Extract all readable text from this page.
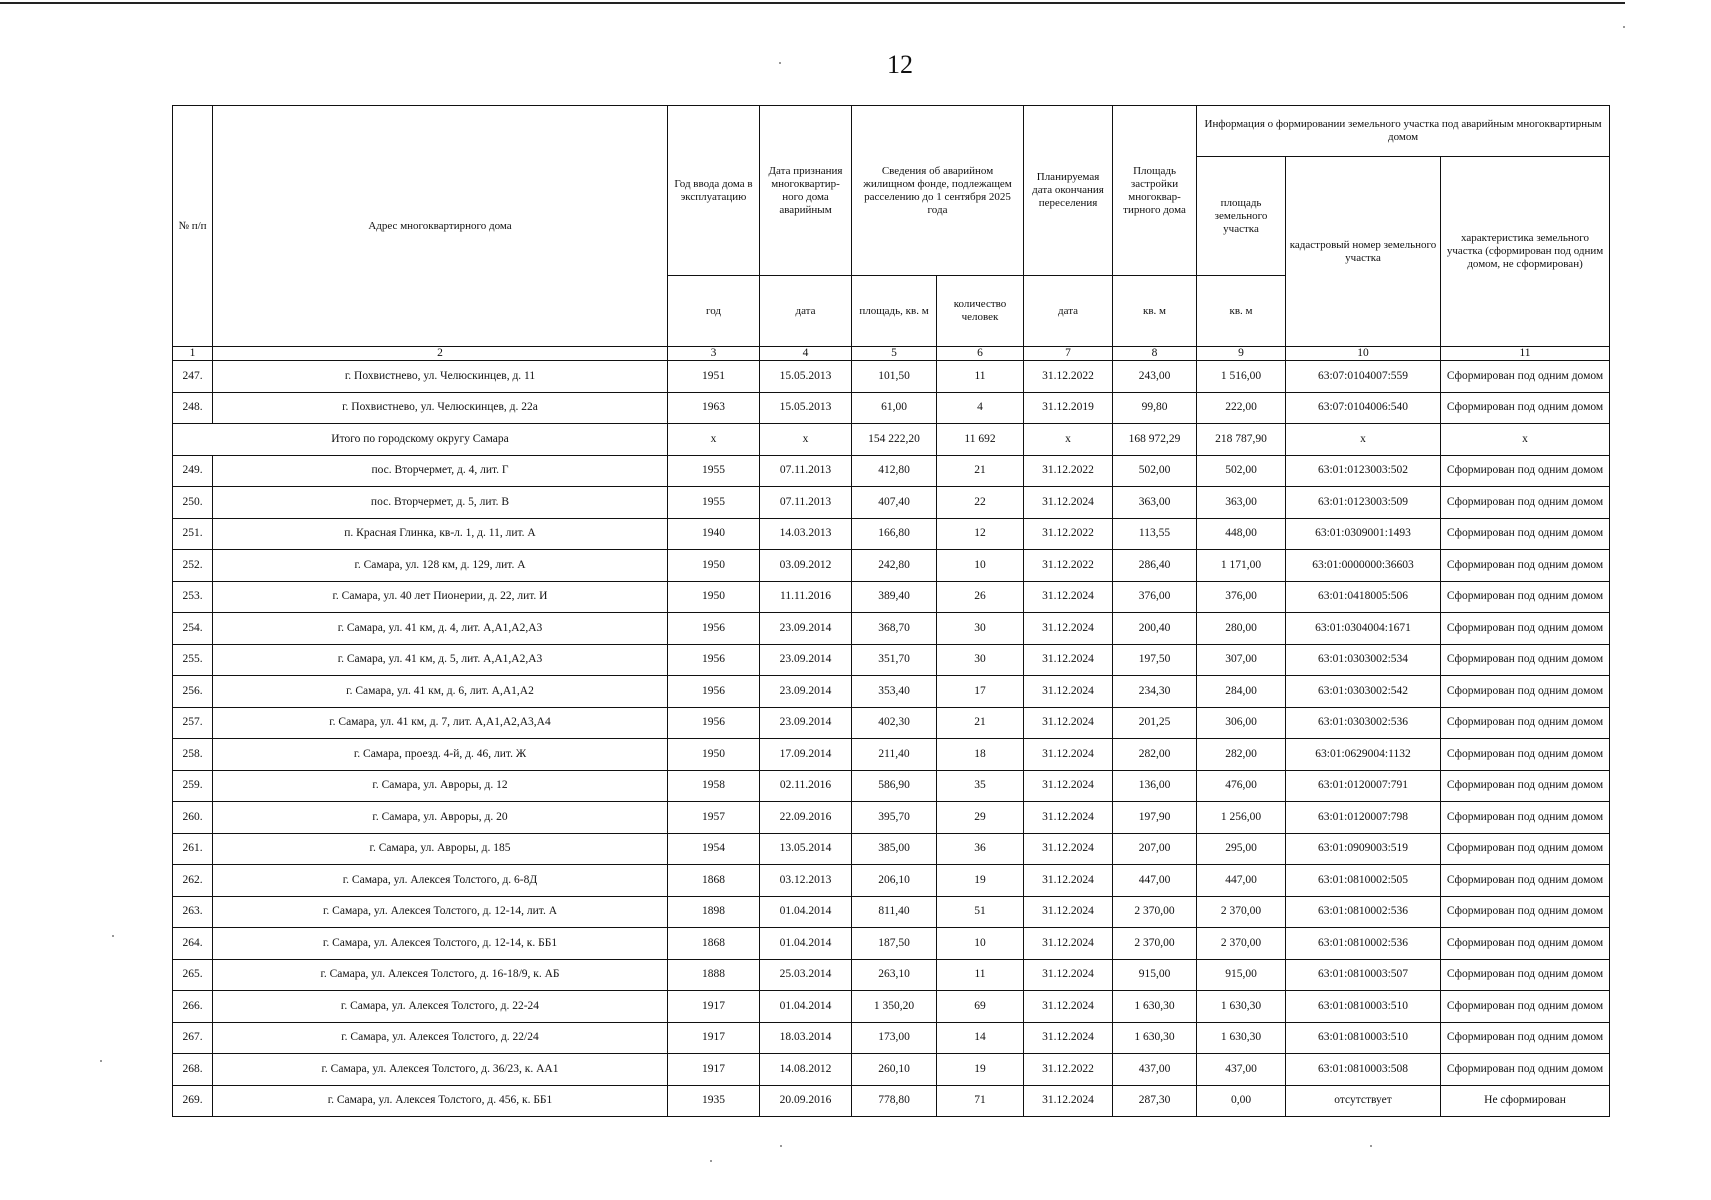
12
№ п/п	Адрес многоквартирного дома	Год ввода дома в эксплуатацию	Дата признания многоквартир-ного дома аварийным	Сведения об аварийном жилищном фонде, подлежащем расселению до 1 сентября 2025 года		Планируемая дата окончания переселения	Площадь застройки многоквар-тирного дома	Информация о формировании земельного участка под аварийным многоквартирным домом		
								площадь земельного участка	кадастровый номер земельного участка	характеристика земельного участка (сформирован под одним домом, не сформирован)
		год	дата	площадь, кв. м	количество человек	дата	кв. м	кв. м		
1	2	3	4	5	6	7	8	9	10	11
247.	г. Похвистнево, ул. Челюскинцев, д. 11	1951	15.05.2013	101,50	11	31.12.2022	243,00	1 516,00	63:07:0104007:559	Сформирован под одним домом
248.	г. Похвистнево, ул. Челюскинцев, д. 22а	1963	15.05.2013	61,00	4	31.12.2019	99,80	222,00	63:07:0104006:540	Сформирован под одним домом
Итого по городскому округу Самара		х	х	154 222,20	11 692	х	168 972,29	218 787,90	х	х
249.	пос. Вторчермет, д. 4, лит. Г	1955	07.11.2013	412,80	21	31.12.2022	502,00	502,00	63:01:0123003:502	Сформирован под одним домом
250.	пос. Вторчермет, д. 5, лит. В	1955	07.11.2013	407,40	22	31.12.2024	363,00	363,00	63:01:0123003:509	Сформирован под одним домом
251.	п. Красная Глинка, кв-л. 1, д. 11, лит. А	1940	14.03.2013	166,80	12	31.12.2022	113,55	448,00	63:01:0309001:1493	Сформирован под одним домом
252.	г. Самара, ул. 128 км, д. 129, лит. А	1950	03.09.2012	242,80	10	31.12.2022	286,40	1 171,00	63:01:0000000:36603	Сформирован под одним домом
253.	г. Самара, ул. 40 лет Пионерии, д. 22, лит. И	1950	11.11.2016	389,40	26	31.12.2024	376,00	376,00	63:01:0418005:506	Сформирован под одним домом
254.	г. Самара, ул. 41 км, д. 4, лит. А,А1,А2,А3	1956	23.09.2014	368,70	30	31.12.2024	200,40	280,00	63:01:0304004:1671	Сформирован под одним домом
255.	г. Самара, ул. 41 км, д. 5, лит. А,А1,А2,А3	1956	23.09.2014	351,70	30	31.12.2024	197,50	307,00	63:01:0303002:534	Сформирован под одним домом
256.	г. Самара, ул. 41 км, д. 6, лит. А,А1,А2	1956	23.09.2014	353,40	17	31.12.2024	234,30	284,00	63:01:0303002:542	Сформирован под одним домом
257.	г. Самара, ул. 41 км, д. 7, лит. А,А1,А2,А3,А4	1956	23.09.2014	402,30	21	31.12.2024	201,25	306,00	63:01:0303002:536	Сформирован под одним домом
258.	г. Самара, проезд. 4-й, д. 46, лит. Ж	1950	17.09.2014	211,40	18	31.12.2024	282,00	282,00	63:01:0629004:1132	Сформирован под одним домом
259.	г. Самара, ул. Авроры, д. 12	1958	02.11.2016	586,90	35	31.12.2024	136,00	476,00	63:01:0120007:791	Сформирован под одним домом
260.	г. Самара, ул. Авроры, д. 20	1957	22.09.2016	395,70	29	31.12.2024	197,90	1 256,00	63:01:0120007:798	Сформирован под одним домом
261.	г. Самара, ул. Авроры, д. 185	1954	13.05.2014	385,00	36	31.12.2024	207,00	295,00	63:01:0909003:519	Сформирован под одним домом
262.	г. Самара, ул. Алексея Толстого, д. 6-8Д	1868	03.12.2013	206,10	19	31.12.2024	447,00	447,00	63:01:0810002:505	Сформирован под одним домом
263.	г. Самара, ул. Алексея Толстого, д. 12-14, лит. А	1898	01.04.2014	811,40	51	31.12.2024	2 370,00	2 370,00	63:01:0810002:536	Сформирован под одним домом
264.	г. Самара, ул. Алексея Толстого, д. 12-14, к. ББ1	1868	01.04.2014	187,50	10	31.12.2024	2 370,00	2 370,00	63:01:0810002:536	Сформирован под одним домом
265.	г. Самара, ул. Алексея Толстого, д. 16-18/9, к. АБ	1888	25.03.2014	263,10	11	31.12.2024	915,00	915,00	63:01:0810003:507	Сформирован под одним домом
266.	г. Самара, ул. Алексея Толстого, д. 22-24	1917	01.04.2014	1 350,20	69	31.12.2024	1 630,30	1 630,30	63:01:0810003:510	Сформирован под одним домом
267.	г. Самара, ул. Алексея Толстого, д. 22/24	1917	18.03.2014	173,00	14	31.12.2024	1 630,30	1 630,30	63:01:0810003:510	Сформирован под одним домом
268.	г. Самара, ул. Алексея Толстого, д. 36/23, к. АА1	1917	14.08.2012	260,10	19	31.12.2022	437,00	437,00	63:01:0810003:508	Сформирован под одним домом
269.	г. Самара, ул. Алексея Толстого, д. 456, к. ББ1	1935	20.09.2016	778,80	71	31.12.2024	287,30	0,00	отсутствует	Не сформирован
